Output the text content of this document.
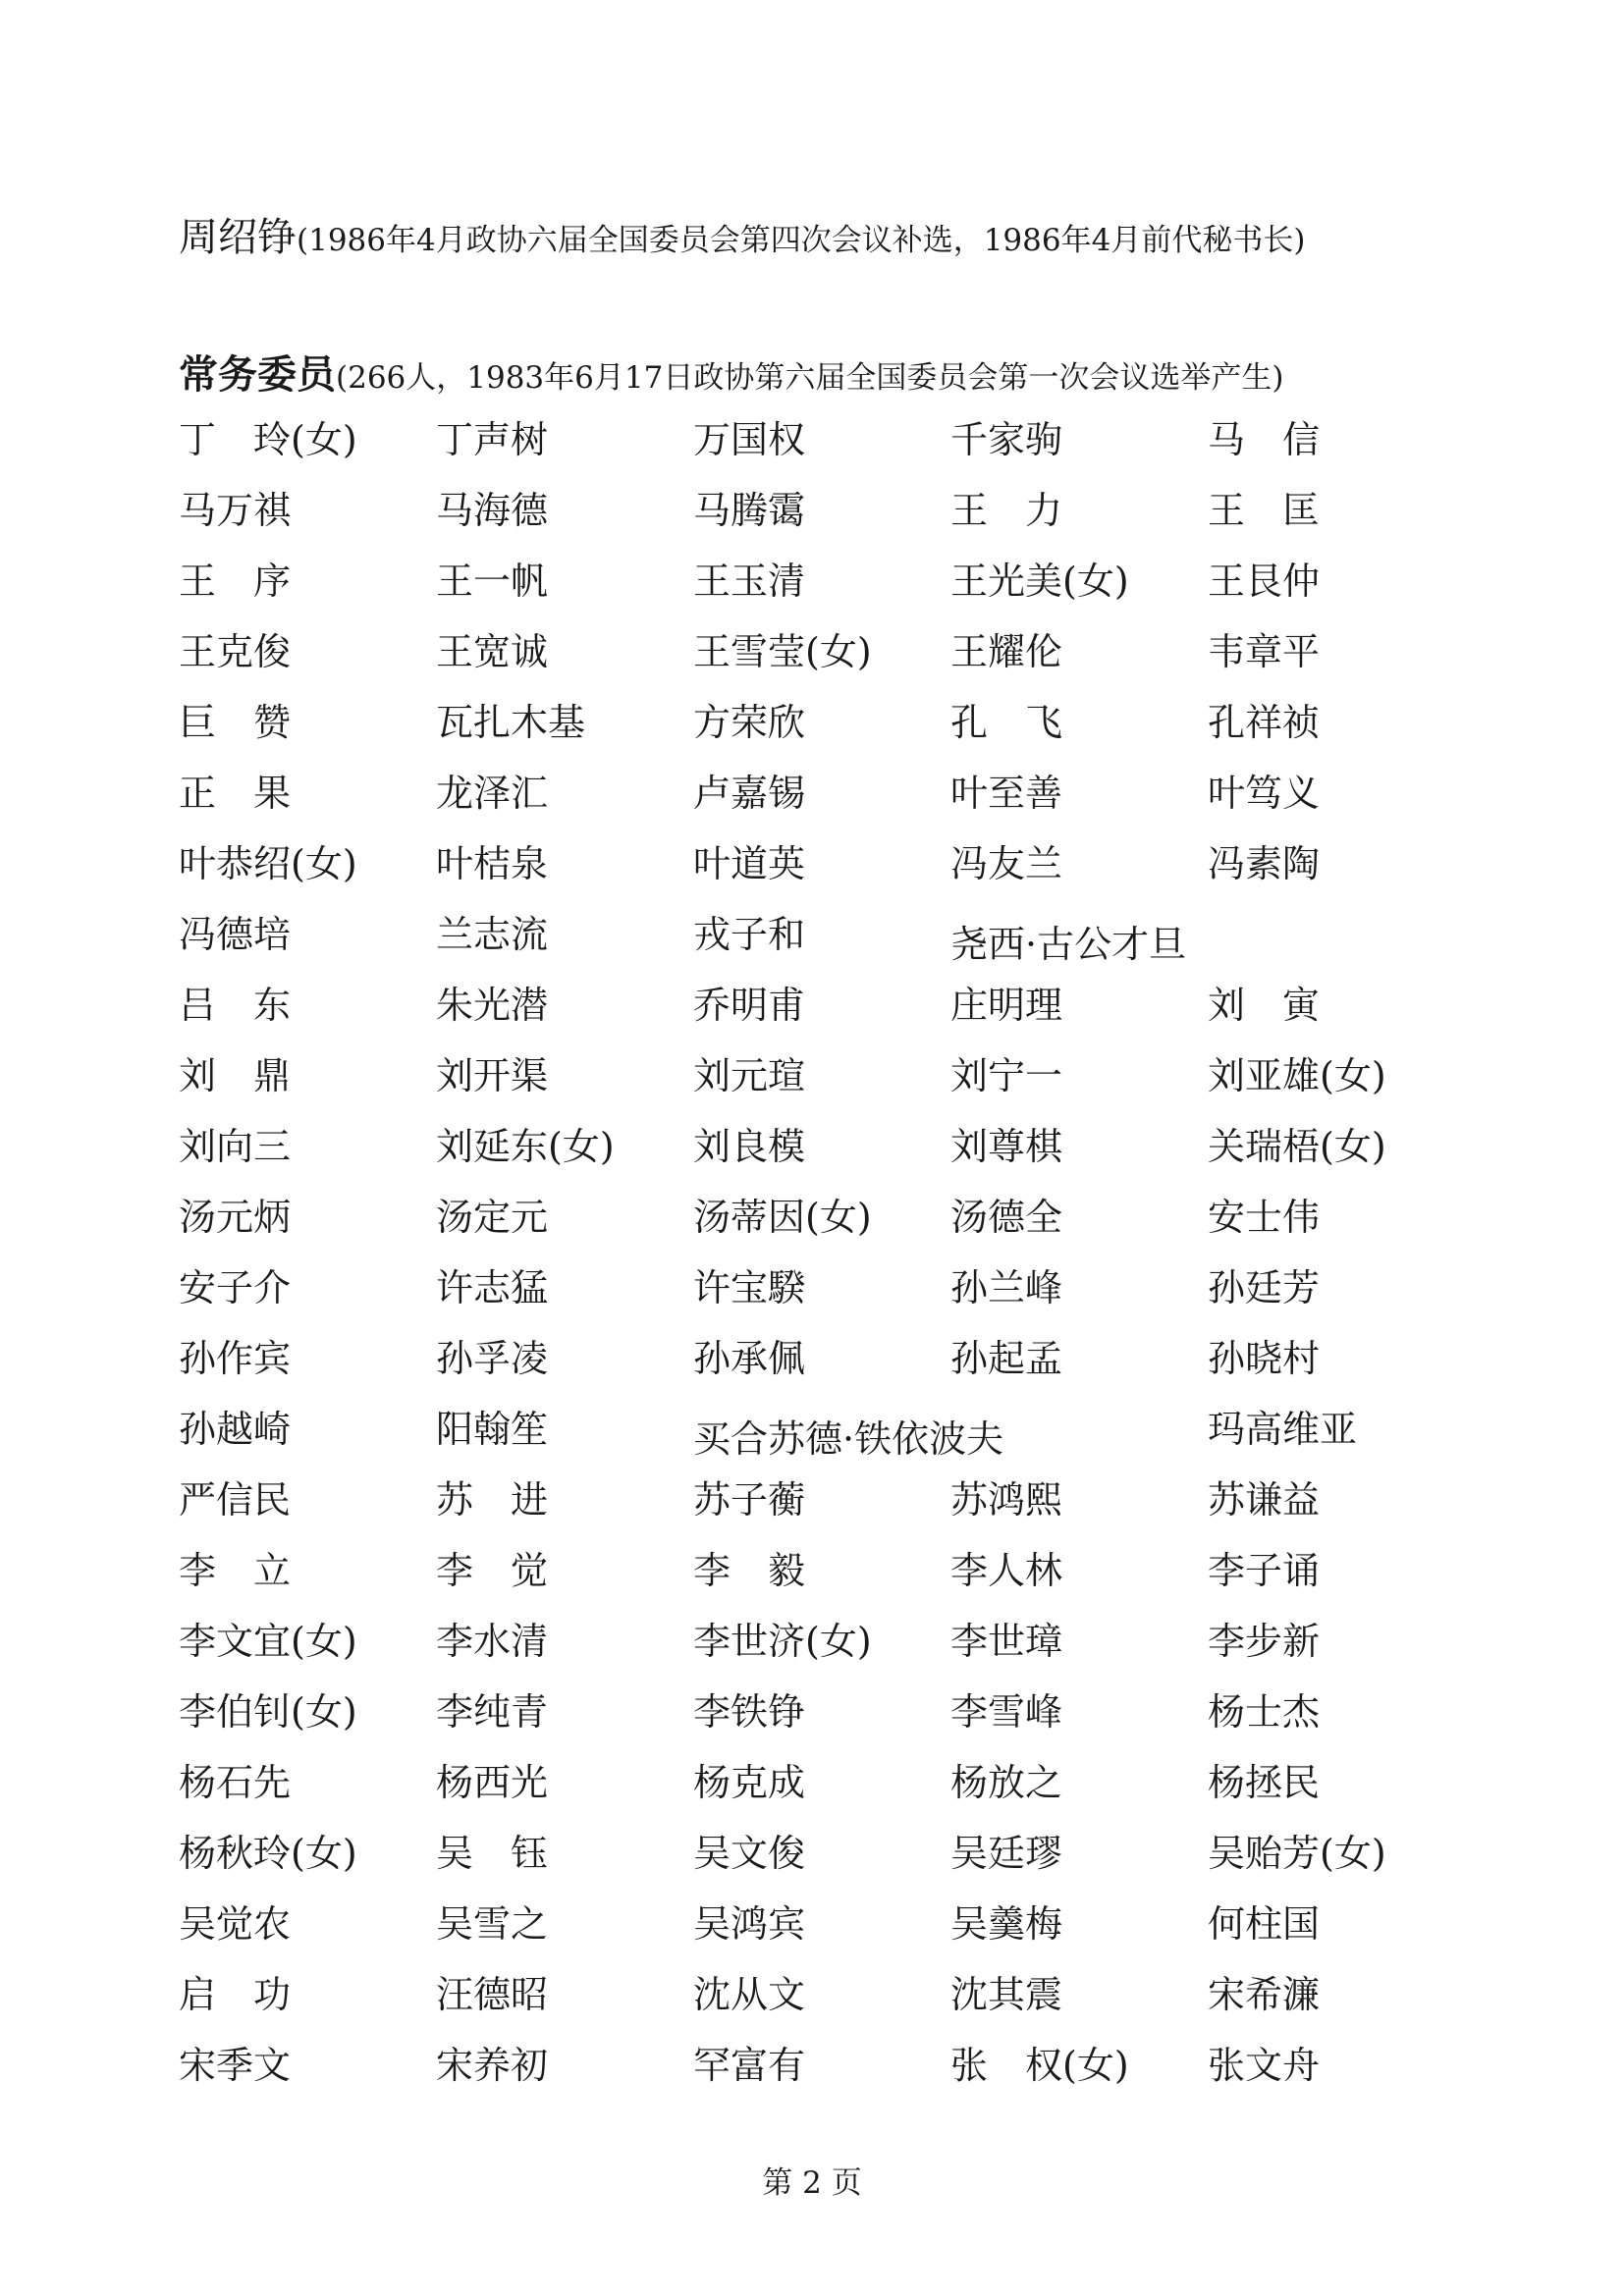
周绍铮(1986年4月政协六届全国委员会第四次会议补选，1986年4月前代秘书长)
常务委员(266人，1983年6月17日政协第六届全国委员会第一次会议选举产生)
丁　玲(女) 丁声树	万国权	千家驹	马　信
马万祺	马海德	马腾霭	王　力	王　匡
王　序	王一帆	王玉清	王光美(女) 王艮仲
王克俊	王宽诚	王雪莹(女) 王耀伦	韦章平
巨　赞	瓦扎木基	方荣欣	孔　飞	孔祥祯
正　果	龙泽汇	卢嘉锡	叶至善	叶笃义
叶恭绍(女) 叶桔泉	叶道英	冯友兰	冯素陶
冯德培	兰志流	戎子和	尧西·古公才旦
吕　东	朱光潜	乔明甫	庄明理	刘　寅
刘　鼎	刘开渠	刘元瑄	刘宁一	刘亚雄(女)
刘向三	刘延东(女) 刘良模	刘尊棋	关瑞梧(女)
汤元炳	汤定元	汤蒂因(女) 汤德全	安士伟
安子介	许志猛	许宝騤	孙兰峰	孙廷芳
孙作宾	孙孚凌	孙承佩	孙起孟	孙晓村
孙越崎	阳翰笙	买合苏德·铁依波夫	玛高维亚
严信民	苏　进	苏子蘅	苏鸿熙	苏谦益
李　立	李　觉	李　毅	李人林	李子诵
李文宜(女) 李水清	李世济(女) 李世璋	李步新
李伯钊(女) 李纯青	李铁铮	李雪峰	杨士杰
杨石先	杨西光	杨克成	杨放之	杨拯民
杨秋玲(女) 吴　钰	吴文俊	吴廷璆	吴贻芳(女)
吴觉农	吴雪之	吴鸿宾	吴羹梅	何柱国
启　功	汪德昭	沈从文	沈其震	宋希濂
宋季文	宋养初	罕富有	张　权(女) 张文舟
第 2 页
